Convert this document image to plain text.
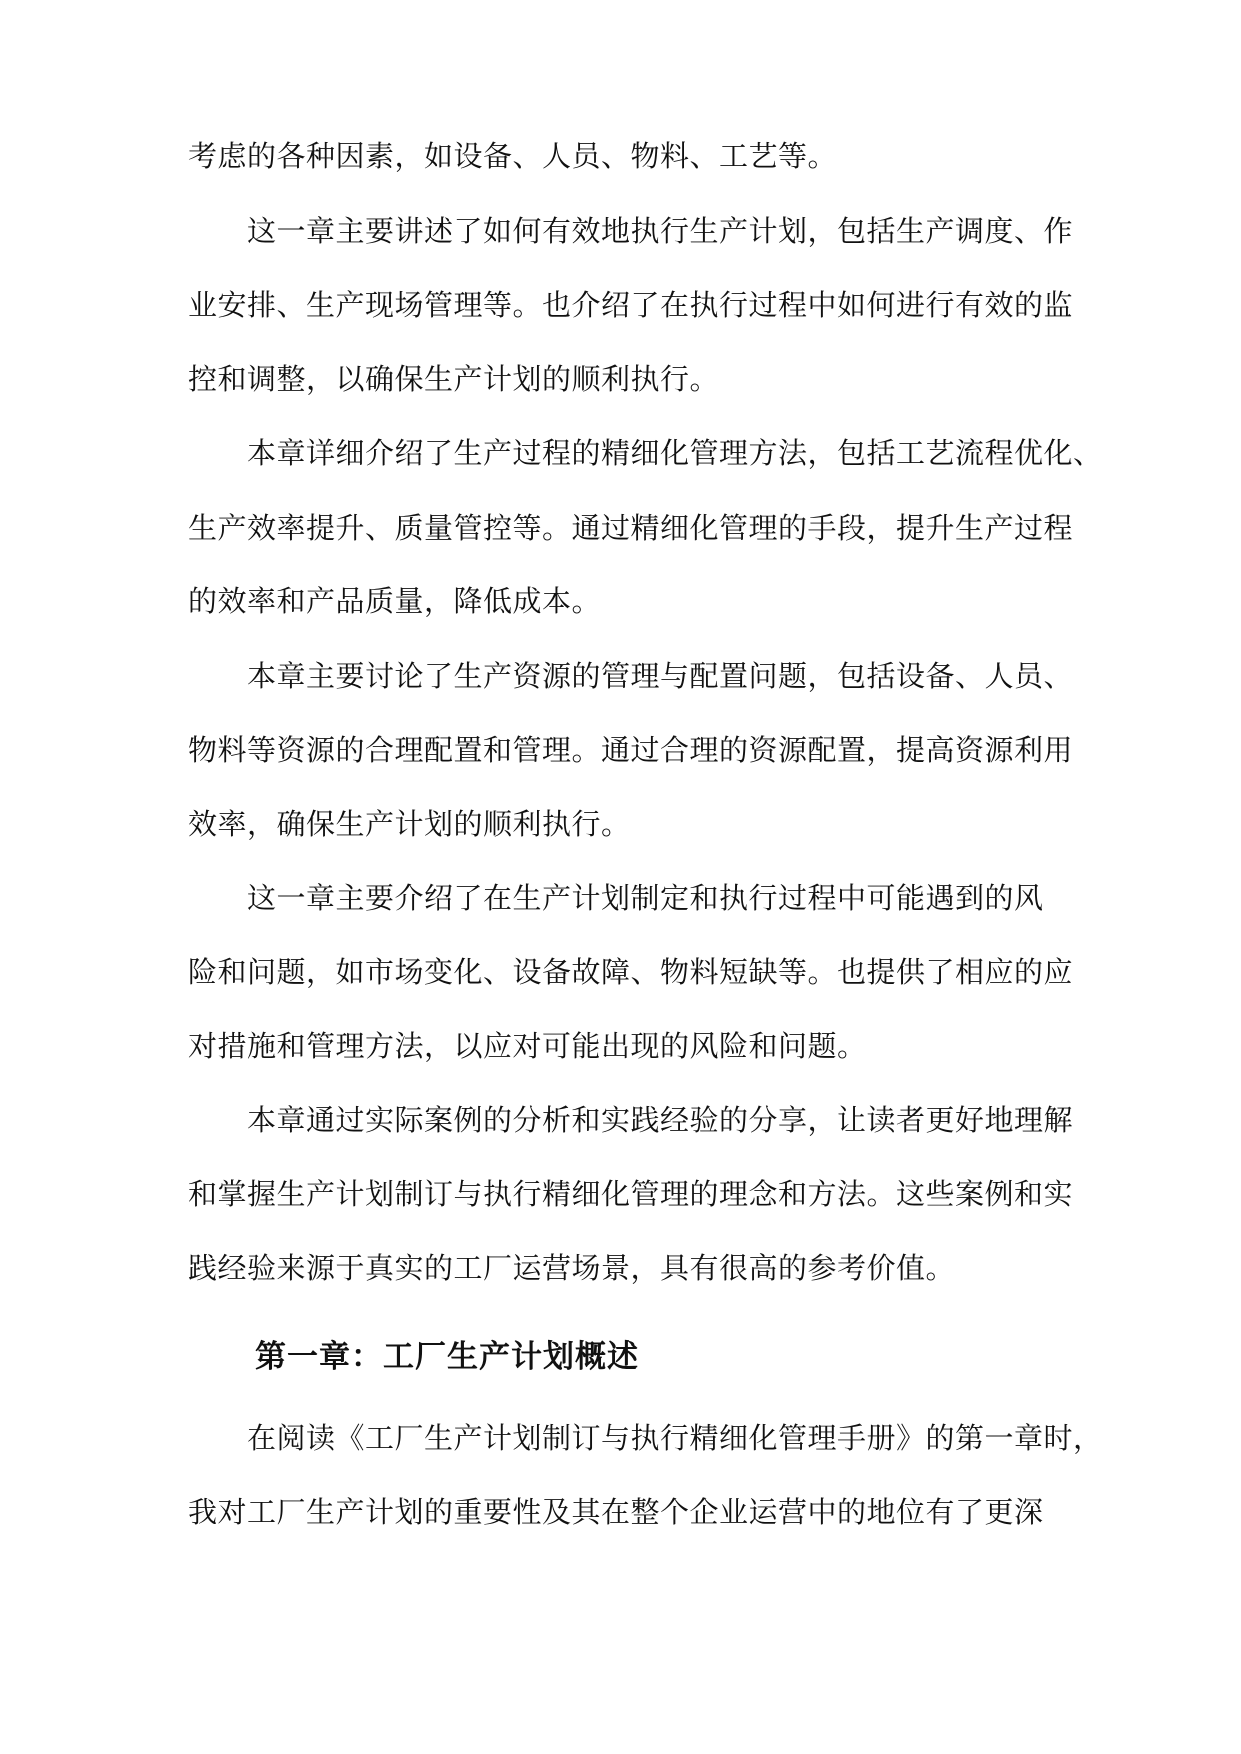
考虑的各种因素，如设备、人员、物料、工艺等。
这一章主要讲述了如何有效地执行生产计划，包括生产调度、作
业安排、生产现场管理等。也介绍了在执行过程中如何进行有效的监
控和调整，以确保生产计划的顺利执行。
本章详细介绍了生产过程的精细化管理方法，包括工艺流程优化、
生产效率提升、质量管控等。通过精细化管理的手段，提升生产过程
的效率和产品质量，降低成本。
本章主要讨论了生产资源的管理与配置问题，包括设备、人员、
物料等资源的合理配置和管理。通过合理的资源配置，提高资源利用
效率，确保生产计划的顺利执行。
这一章主要介绍了在生产计划制定和执行过程中可能遇到的风
险和问题，如市场变化、设备故障、物料短缺等。也提供了相应的应
对措施和管理方法，以应对可能出现的风险和问题。
本章通过实际案例的分析和实践经验的分享，让读者更好地理解
和掌握生产计划制订与执行精细化管理的理念和方法。这些案例和实
践经验来源于真实的工厂运营场景，具有很高的参考价值。
第一章：工厂生产计划概述
在阅读《工厂生产计划制订与执行精细化管理手册》的第一章时，
我对工厂生产计划的重要性及其在整个企业运营中的地位有了更深
